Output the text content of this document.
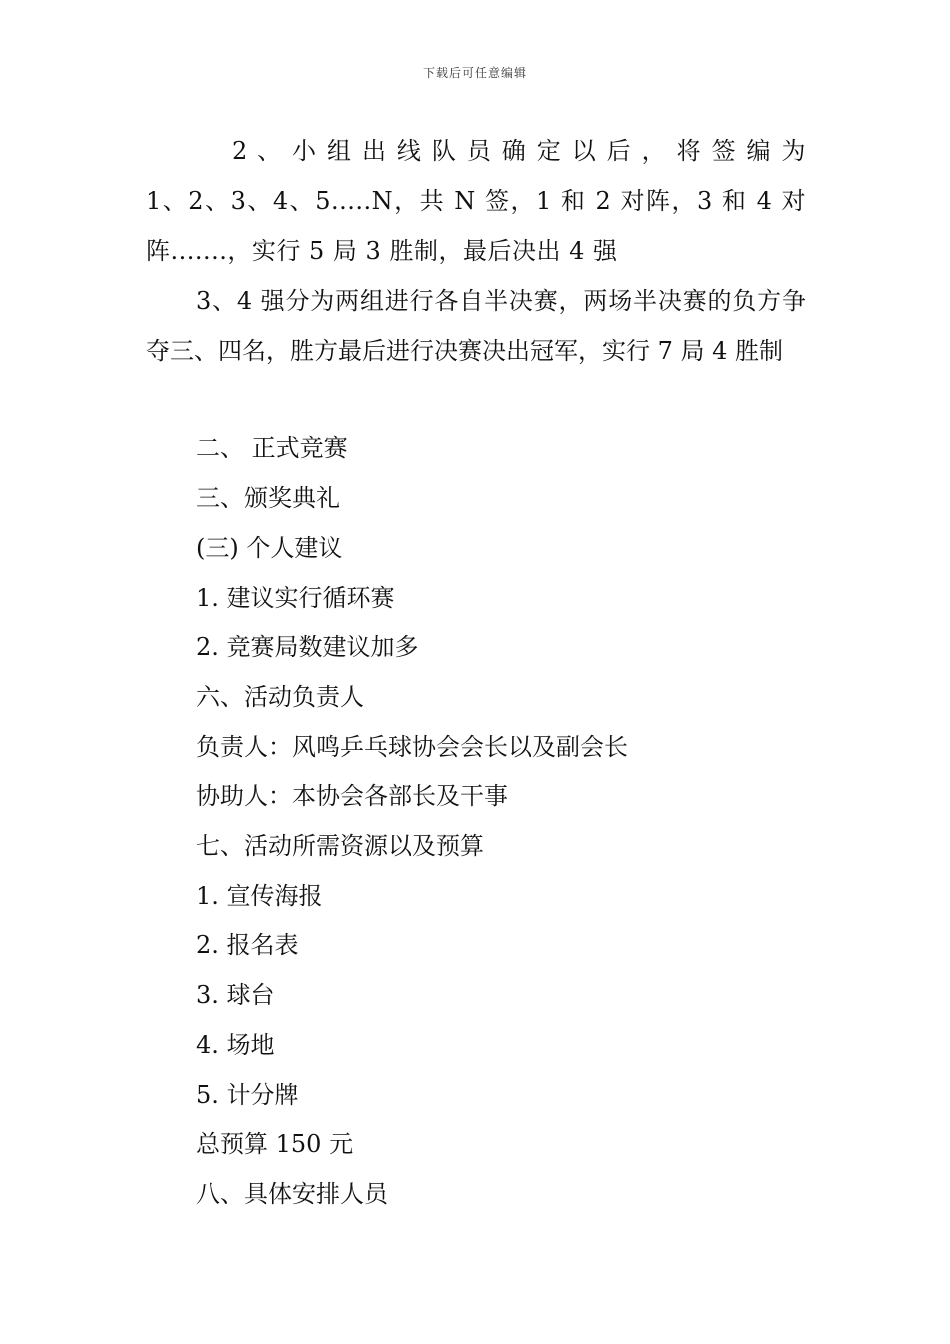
下载后可任意编辑

2 、 小 组 出 线 队 员 确 定 以 后 ， 将 签 编 为 1、2、3、4、5.....N，共 N 签，1 和 2 对阵，3 和 4 对阵.......，实行 5 局 3 胜制，最后决出 4 强

3、4 强分为两组进行各自半决赛，两场半决赛的负方争夺三、四名，胜方最后进行决赛决出冠军，实行 7 局 4 胜制

二、 正式竞赛

三、颁奖典礼

(三) 个人建议

1. 建议实行循环赛

2. 竞赛局数建议加多

六、活动负责人

负责人：风鸣乒乓球协会会长以及副会长

协助人：本协会各部长及干事

七、活动所需资源以及预算

1. 宣传海报

2. 报名表

3. 球台

4. 场地

5. 计分牌

总预算 150 元

八、具体安排人员
